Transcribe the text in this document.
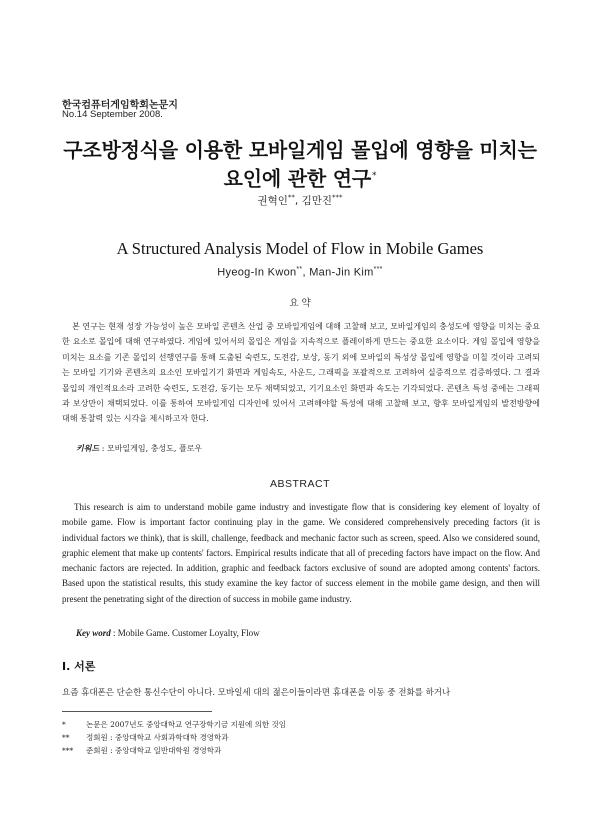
한국컴퓨터게임학회논문지
No.14 September 2008.
구조방정식을 이용한 모바일게임 몰입에 영향을 미치는
요인에 관한 연구*
권혁인**, 김만진***
A Structured Analysis Model of Flow in Mobile Games
Hyeog-In Kwon**, Man-Jin Kim***
요 약

본 연구는 현재 성장 가능성이 높은 모바일 콘텐츠 산업 중 모바일게임에 대해 고찰해 보고, 모바일게임의 충성도에 영향을 미치는 중요한 요소로 몰입에 대해 연구하였다. 게임에 있어서의 몰입은 게임을 지속적으로 플레이하게 만드는 중요한 요소이다. 게임 몰입에 영향을 미치는 요소를 기존 몰입의 선행연구를 통해 도출된 숙련도, 도전감, 보상, 동기 외에 모바일의 특성상 몰입에 영향을 미칠 것이라 고려되는 모바일 기기와 콘텐츠의 요소인 모바일기기 화면과 게임속도, 사운드, 그래픽을 포괄적으로 고려하여 실증적으로 검증하였다. 그 결과 몰입의 개인적요소라 고려한 숙련도, 도전감, 동기는 모두 채택되었고, 기기요소인 화면과 속도는 기각되었다. 콘텐츠 특성 중에는 그래픽과 보상만이 채택되었다. 이를 통하여 모바일게임 디자인에 있어서 고려해야할 특성에 대해 고찰해 보고, 향후 모바일게임의 발전방향에 대해 통찰력 있는 시각을 제시하고자 한다.

키워드 : 모바일게임, 충성도, 플로우
ABSTRACT

This research is aim to understand mobile game industry and investigate flow that is considering key element of loyalty of mobile game. Flow is important factor continuing play in the game. We considered comprehensively preceding factors (it is individual factors we think), that is skill, challenge, feedback and mechanic factor such as screen, speed. Also we considered sound, graphic element that make up contents' factors. Empirical results indicate that all of preceding factors have impact on the flow. And mechanic factors are rejected. In addition, graphic and feedback factors exclusive of sound are adopted among contents' factors. Based upon the statistical results, this study examine the key factor of success element in the mobile game design, and then will present the penetrating sight of the direction of success in mobile game industry.

Key word : Mobile Game. Customer Loyalty, Flow
Ⅰ. 서론
요즘 휴대폰은 단순한 통신수단이 아니다. 모바일세 대의 젊은이들이라면 휴대폰을 이동 중 전화를 하거나
*	논문은 2007년도 중앙대학교 연구장학기금 지원에 의한 것임
** 정회원 : 중앙대학교 사회과학대학 경영학과
*** 준회원 : 중앙대학교 일반대학원 경영학과
